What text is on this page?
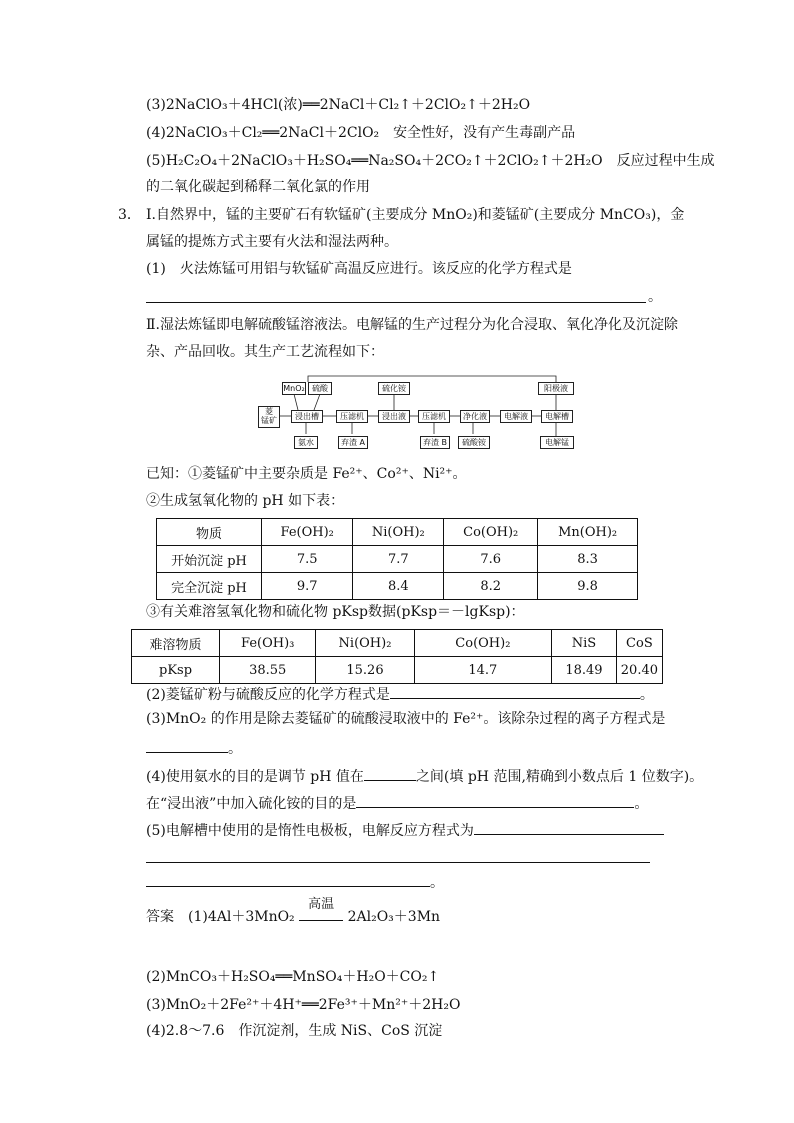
(3)2NaClO₃＋4HCl(浓)══2NaCl＋Cl₂↑＋2ClO₂↑＋2H₂O
(4)2NaClO₃＋Cl₂══2NaCl＋2ClO₂　安全性好，没有产生毒副产品
(5)H₂C₂O₄＋2NaClO₃＋H₂SO₄══Na₂SO₄＋2CO₂↑＋2ClO₂↑＋2H₂O　反应过程中生成
的二氧化碳起到稀释二氧化氯的作用
3． Ⅰ.自然界中，锰的主要矿石有软锰矿(主要成分 MnO₂)和菱锰矿(主要成分 MnCO₃)，金
属锰的提炼方式主要有火法和湿法两种。
(1)　火法炼锰可用铝与软锰矿高温反应进行。该反应的化学方程式是
。
Ⅱ.湿法炼锰即电解硫酸锰溶液法。电解锰的生产过程分为化合浸取、氧化净化及沉淀除
杂、产品回收。其生产工艺流程如下：
MnO₂ 硫酸
菱
锰矿	浸出槽	压滤机	浸出液	压滤机	净化液	电解液	电解槽
氨水	弃渣 A
硫化铵
弃渣 B	硫酸铵
阳极液
电解锰
已知：①菱锰矿中主要杂质是 Fe²⁺、Co²⁺、Ni²⁺。
②生成氢氧化物的 pH 如下表：
物质	Fe(OH)₂	Ni(OH)₂	Co(OH)₂	Mn(OH)₂
开始沉淀 pH	7.5	7.7	7.6	8.3
完全沉淀 pH	9.7	8.4	8.2	9.8
③有关难溶氢氧化物和硫化物 pKsp数据(pKsp＝－lgKsp)：
难溶物质	Fe(OH)₃	Ni(OH)₂	Co(OH)₂	NiS	CoS
pKsp	38.55	15.26	14.7	18.49	20.40
(2)菱锰矿粉与硫酸反应的化学方程式是	。
(3)MnO₂ 的作用是除去菱锰矿的硫酸浸取液中的 Fe²⁺。该除杂过程的离子方程式是
。
(4)使用氨水的目的是调节 pH 值在	之间(填 pH 范围,精确到小数点后 1 位数字)。
在“浸出液”中加入硫化铵的目的是	。
(5)电解槽中使用的是惰性电极板，电解反应方程式为
。
答案　 (1)4Al＋3MnO₂
高温
2Al₂O₃＋3Mn
(2)MnCO₃＋H₂SO₄══MnSO₄＋H₂O＋CO₂↑
(3)MnO₂＋2Fe²⁺＋4H⁺══2Fe³⁺＋Mn²⁺＋2H₂O
(4)2.8～7.6　作沉淀剂，生成 NiS、CoS 沉淀
